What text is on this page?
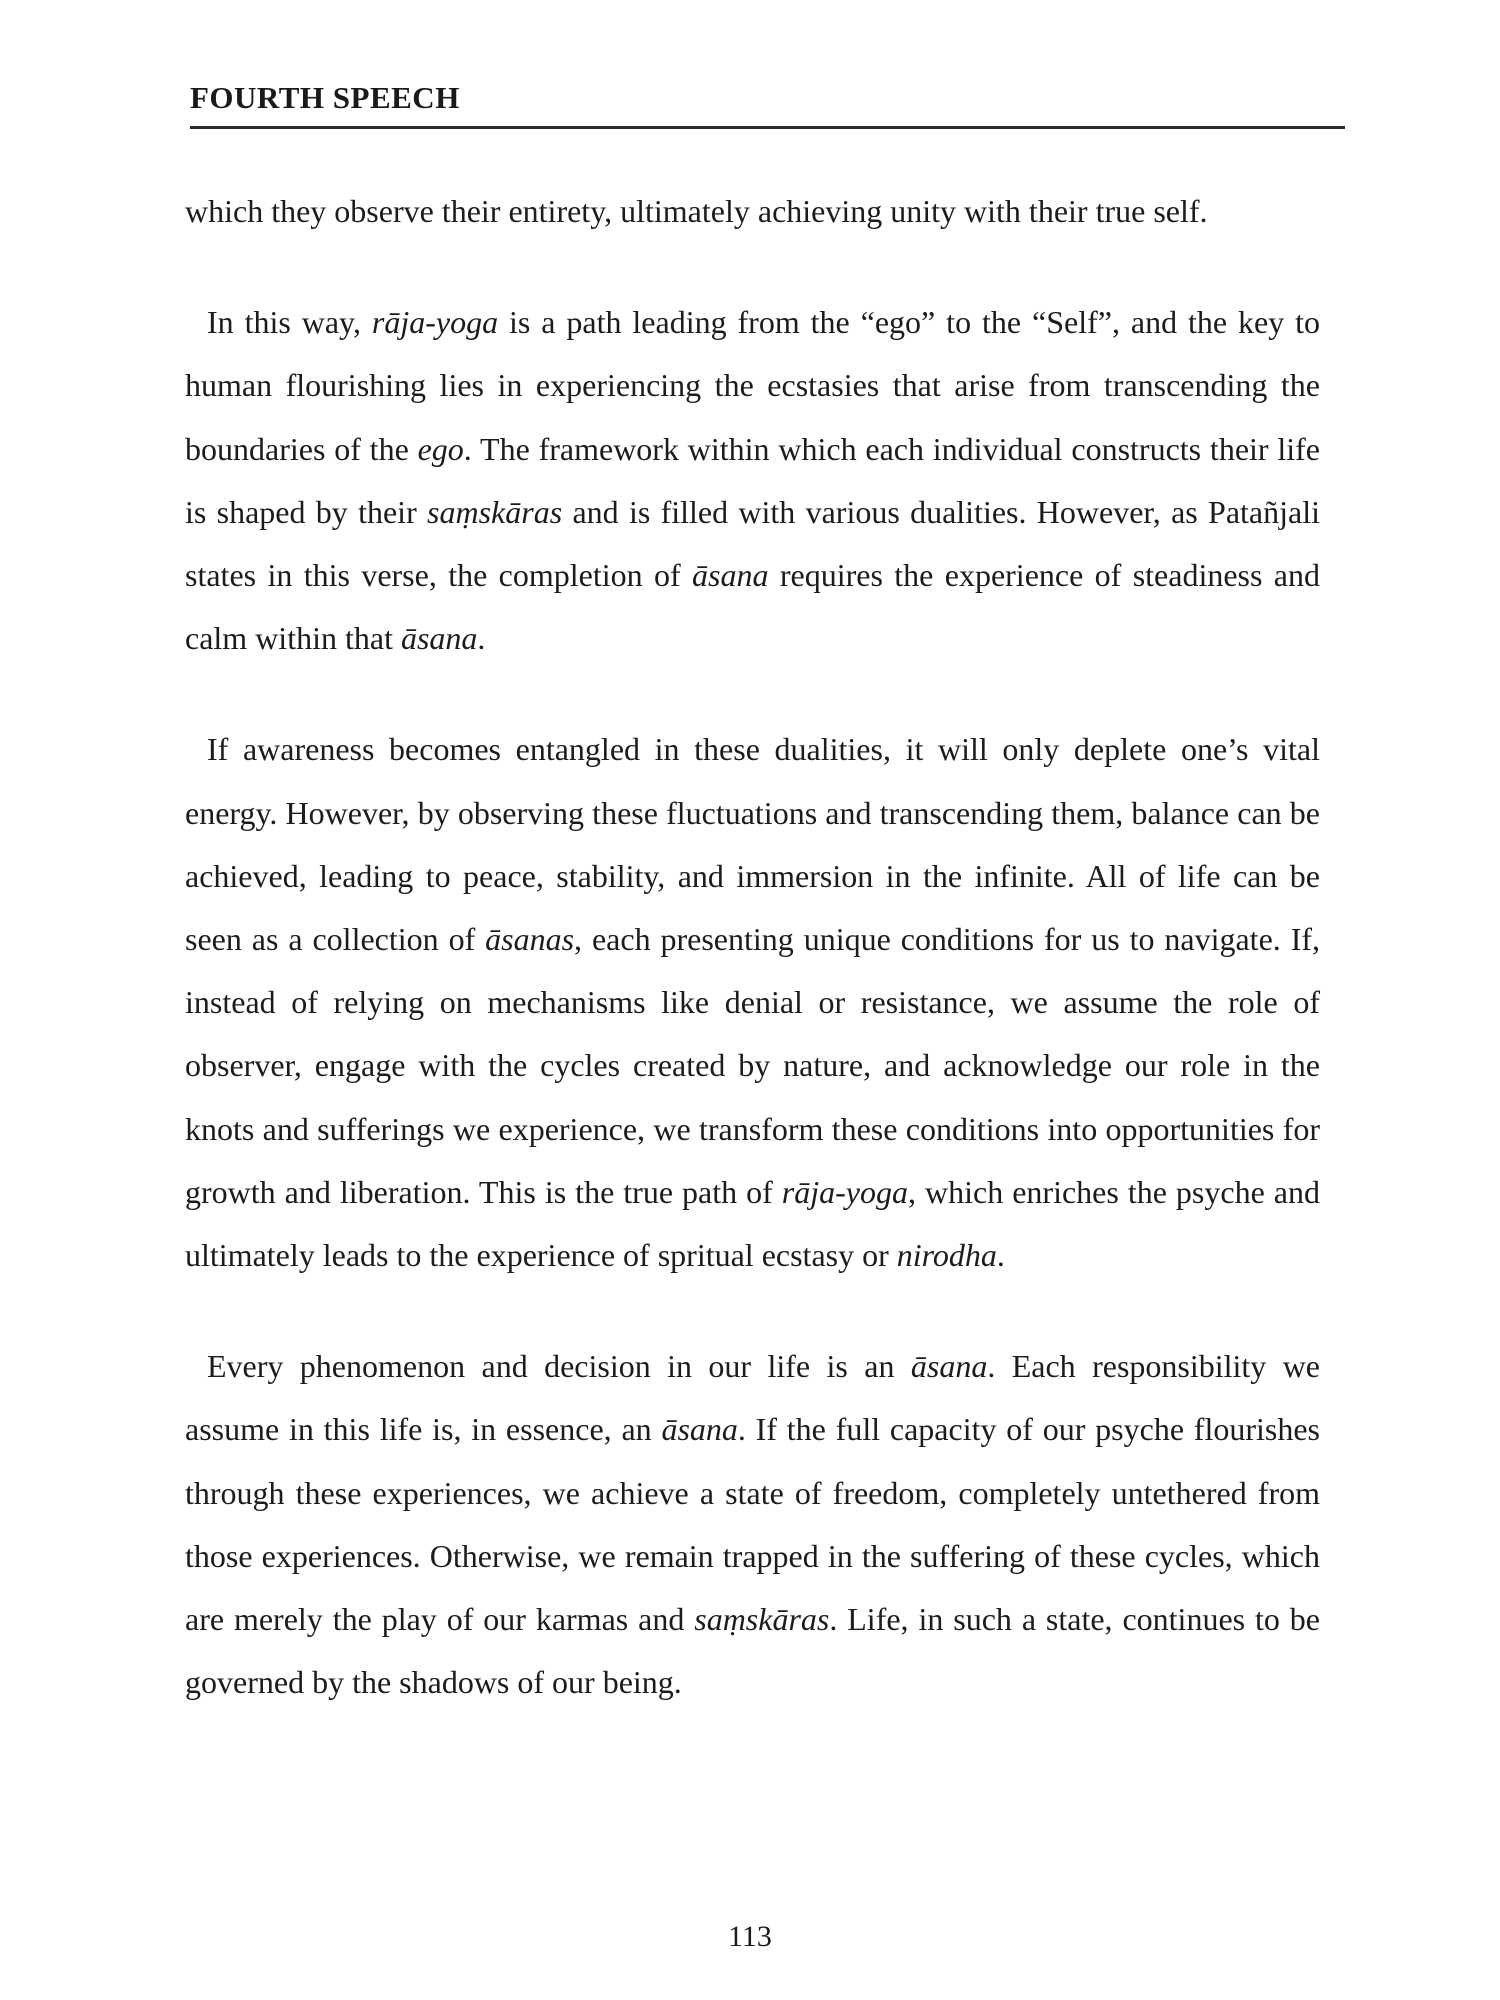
FOURTH SPEECH

which they observe their entirety, ultimately achieving unity with their true self.

In this way, rāja-yoga is a path leading from the “ego” to the “Self”, and the key to human flourishing lies in experiencing the ecstasies that arise from transcending the boundaries of the ego. The framework within which each individual constructs their life is shaped by their saṃskāras and is filled with various dualities. However, as Patañjali states in this verse, the completion of āsana requires the experience of steadiness and calm within that āsana.

If awareness becomes entangled in these dualities, it will only deplete one’s vital energy. However, by observing these fluctuations and transcending them, balance can be achieved, leading to peace, stability, and immersion in the infinite. All of life can be seen as a collection of āsanas, each presenting unique conditions for us to navigate. If, instead of relying on mechanisms like denial or resistance, we assume the role of observer, engage with the cycles created by nature, and acknowledge our role in the knots and sufferings we experience, we transform these conditions into opportunities for growth and liberation. This is the true path of rāja-yoga, which enriches the psyche and ultimately leads to the experience of spritual ecstasy or nirodha.

Every phenomenon and decision in our life is an āsana. Each responsibility we assume in this life is, in essence, an āsana. If the full capacity of our psyche flourishes through these experiences, we achieve a state of freedom, completely untethered from those experiences. Otherwise, we remain trapped in the suffering of these cycles, which are merely the play of our karmas and saṃskāras. Life, in such a state, continues to be governed by the shadows of our being.

113
